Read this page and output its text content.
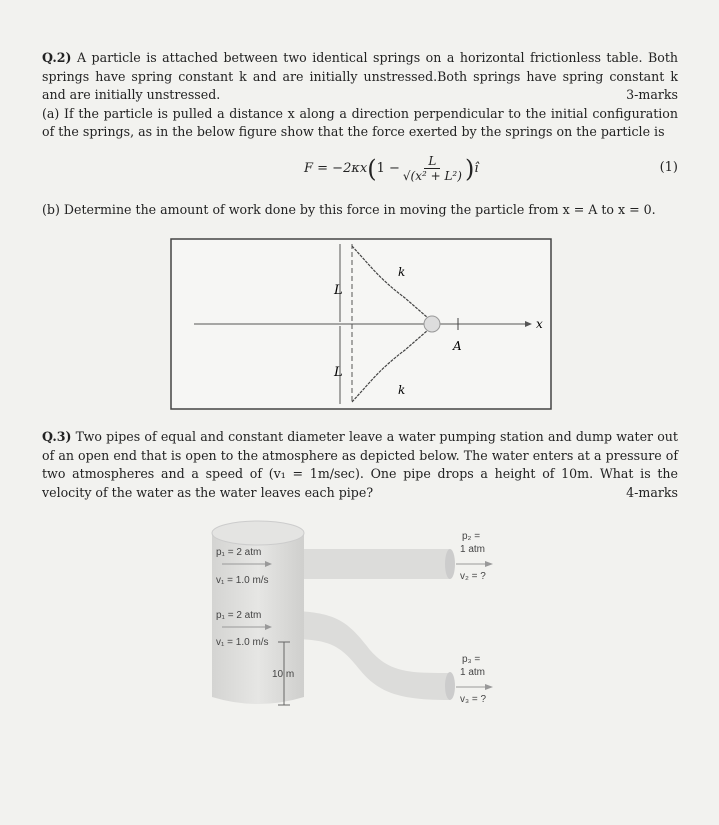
Q.2) A particle is attached between two identical springs on a horizontal frictionless table. Both springs have spring constant k and are initially unstressed.Both springs have spring constant k and are initially unstressed.	3-marks
(a) If the particle is pulled a distance x along a direction perpendicular to the initial configuration of the springs, as in the below figure show that the force exerted by the springs on the particle is
F = −2κx ( $1 - \frac{L}{\text{√(x² + L²)}}$ ) î	(1)
(b) Determine the amount of work done by this force in moving the particle from x = A to x = 0.
L
L
k
k
A
x
Q.3) Two pipes of equal and constant diameter leave a water pumping station and dump water out of an open end that is open to the atmosphere as depicted below. The water enters at a pressure of two atmospheres and a speed of (v₁ = 1m/sec). One pipe drops a height of 10m. What is the velocity of the water as the water leaves each pipe?	4-marks
p₁ = 2 atm
v₁ = 1.0 m/s
p₁ = 2 atm
v₁ = 1.0 m/s
10 m
p₂ =
1 atm
v₂ = ?
p₃ =
1 atm
v₃ = ?
